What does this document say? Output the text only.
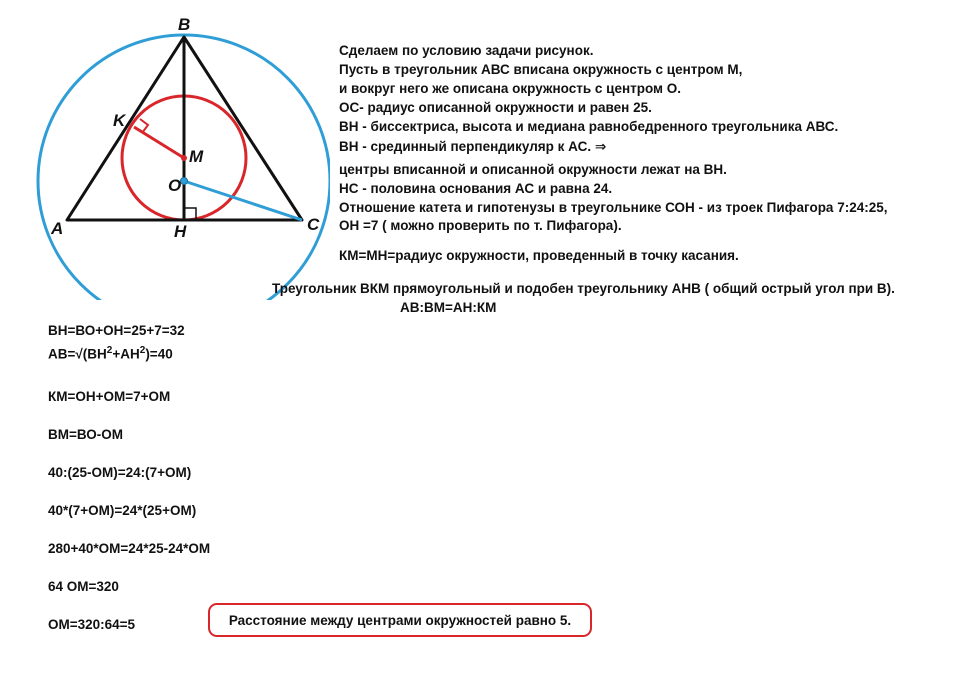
B
K
M
O
A	H	C
Сделаем по условию задачи рисунок.
Пусть в треугольник АВС вписана окружность с центром М,
и вокруг него же описана окружность с центром О.
ОС- радиус описанной окружности и равен 25.
ВН - биссектриса, высота и медиана равнобедренного треугольника АВС.
ВН - срединный перпендикуляр к АС. ⇒
центры вписанной и описанной окружности лежат на ВН.
НС - половина основания АС и равна 24.
Отношение катета и гипотенузы в треугольнике СОН - из троек Пифагора 7:24:25,
ОН =7 ( можно проверить по т. Пифагора).
КМ=МН=радиус окружности, проведенный в точку касания.
Треугольник ВКМ прямоугольный и подобен треугольнику АНВ ( общий острый угол при В).
АВ:ВМ=АН:КМ
ВН=ВО+ОН=25+7=32
$АВ=√(ВН^2+АН^2)=40$
КМ=ОН+ОМ=7+ОМ
ВМ=ВО-ОМ
40:(25-ОМ)=24:(7+ОМ)
40*(7+ОМ)=24*(25+ОМ)
280+40*ОМ=24*25-24*ОМ
64 ОМ=320
ОМ=320:64=5	Расстояние между центрами окружностей равно 5.
